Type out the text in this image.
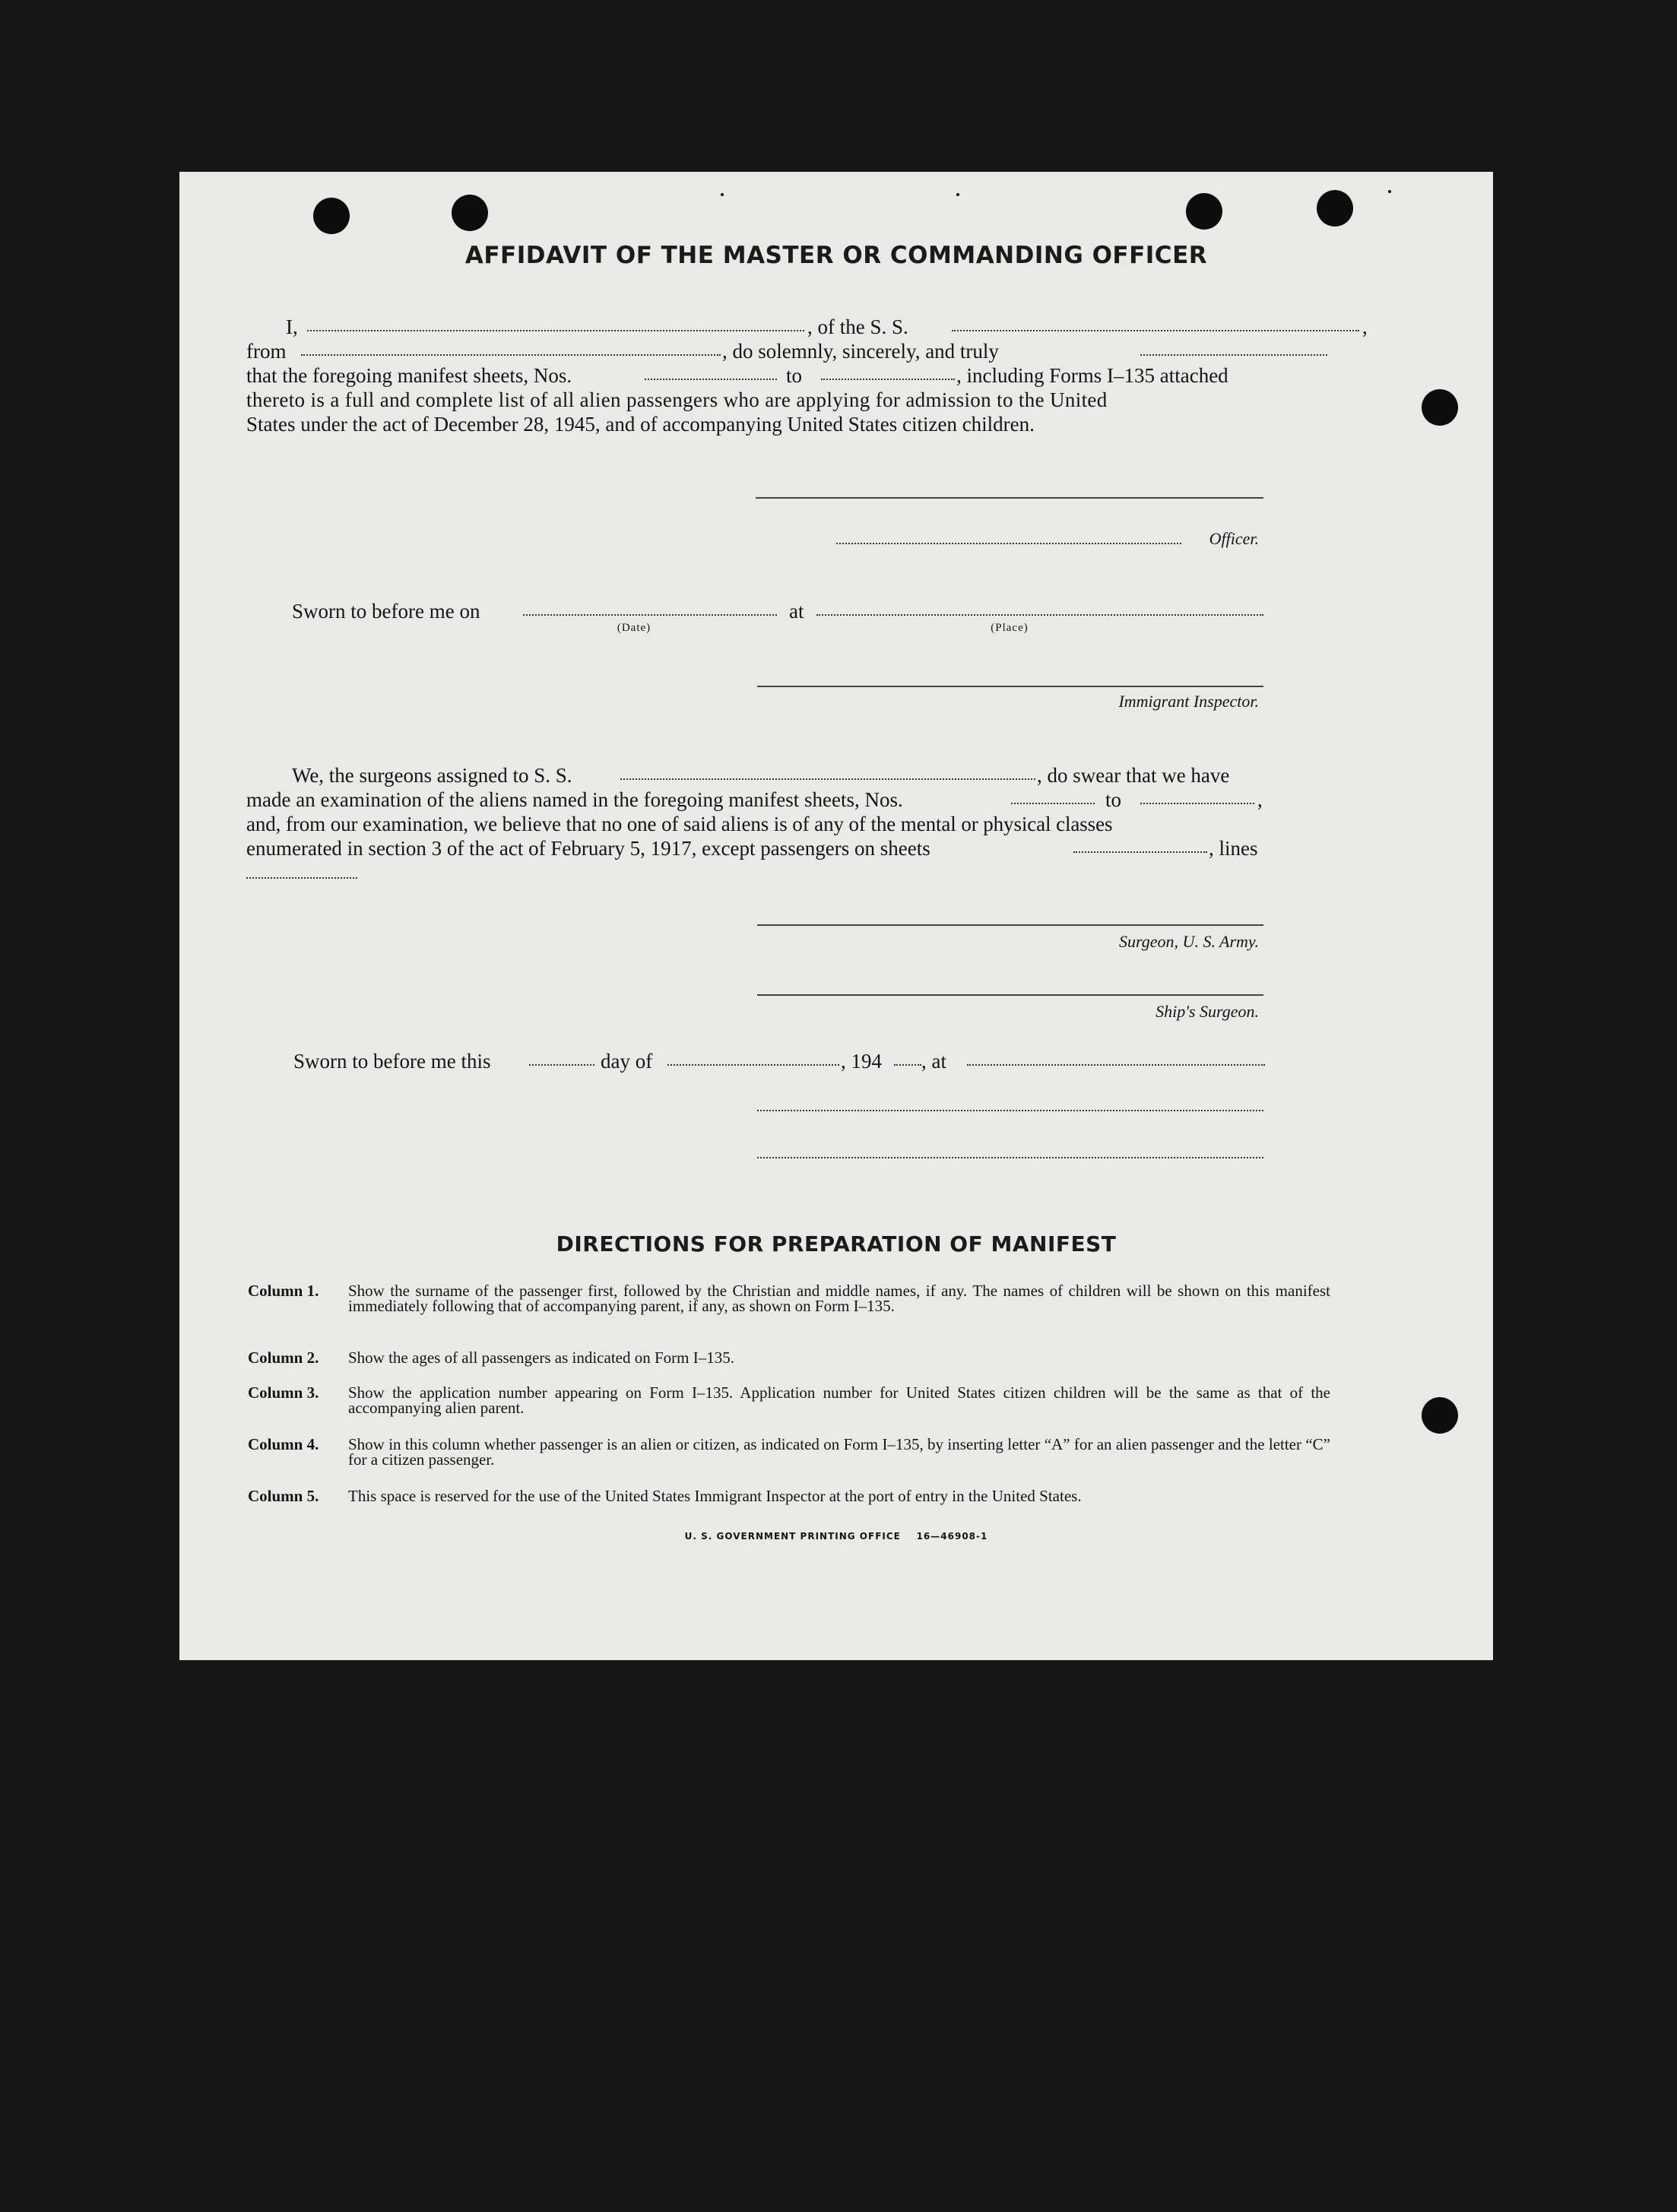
AFFIDAVIT OF THE MASTER OR COMMANDING OFFICER

I,	, of the S. S.	,

from	, do solemnly, sincerely, and truly

that the foregoing manifest sheets, Nos.	to	, including Forms I–135 attached

thereto is a full and complete list of all alien passengers who are applying for admission to the United

States under the act of December 28, 1945, and of accompanying United States citizen children.

Officer.

Sworn to before me on	at

(Date)	(Place)
Immigrant Inspector.

We, the surgeons assigned to S. S.	, do swear that we have

made an examination of the aliens named in the foregoing manifest sheets, Nos.	to	,

and, from our examination, we believe that no one of said aliens is of any of the mental or physical classes

enumerated in section 3 of the act of February 5, 1917, except passengers on sheets	, lines

Surgeon, U. S. Army.
Ship's Surgeon.

Sworn to before me this	day of	, 194 , at

DIRECTIONS FOR PREPARATION OF MANIFEST
Column 1.	Show the surname of the passenger first, followed by the Christian and middle names, if any. The names of children will be shown on this manifest immediately following that of accompanying parent, if any, as shown on Form I–135.
Column 2.	Show the ages of all passengers as indicated on Form I–135.
Column 3.	Show the application number appearing on Form I–135. Application number for United States citizen children will be the same as that of the accompanying alien parent.
Column 4.	Show in this column whether passenger is an alien or citizen, as indicated on Form I–135, by inserting letter “A” for an alien passenger and the letter “C” for a citizen passenger.
Column 5.	This space is reserved for the use of the United States Immigrant Inspector at the port of entry in the United States.
U. S. GOVERNMENT PRINTING OFFICE    16—46908-1
